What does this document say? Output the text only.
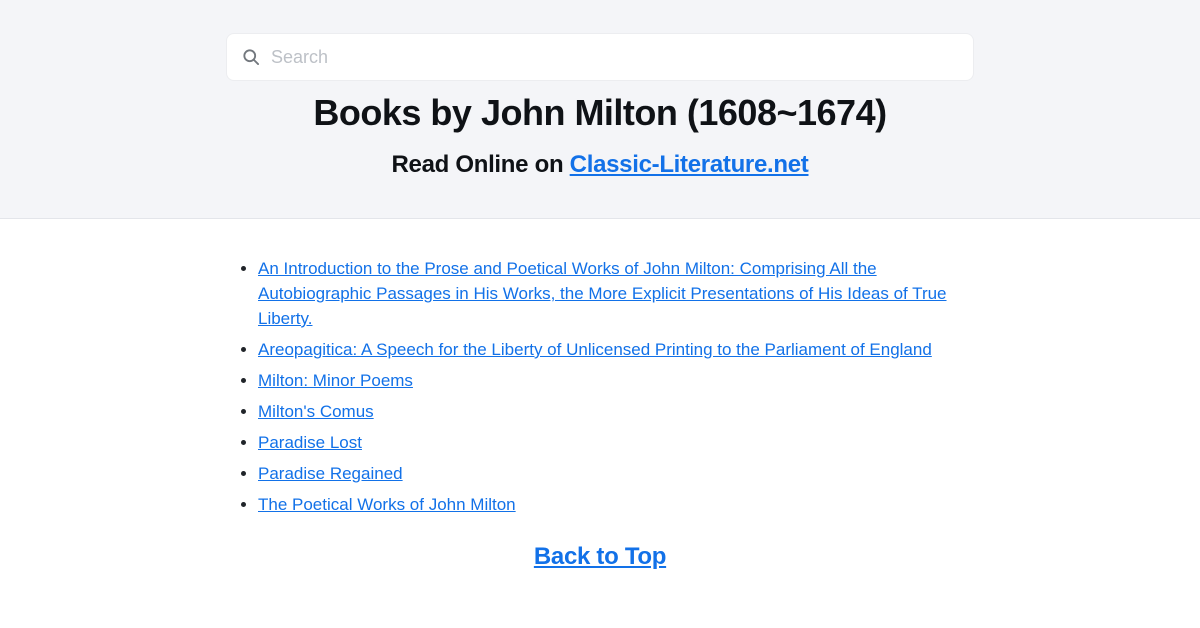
Search
Books by John Milton (1608~1674)
Read Online on Classic-Literature.net
• An Introduction to the Prose and Poetical Works of John Milton: Comprising All the Autobiographic Passages in His Works, the More Explicit Presentations of His Ideas of True Liberty.
• Areopagitica: A Speech for the Liberty of Unlicensed Printing to the Parliament of England
• Milton: Minor Poems
• Milton's Comus
• Paradise Lost
• Paradise Regained
• The Poetical Works of John Milton
Back to Top
